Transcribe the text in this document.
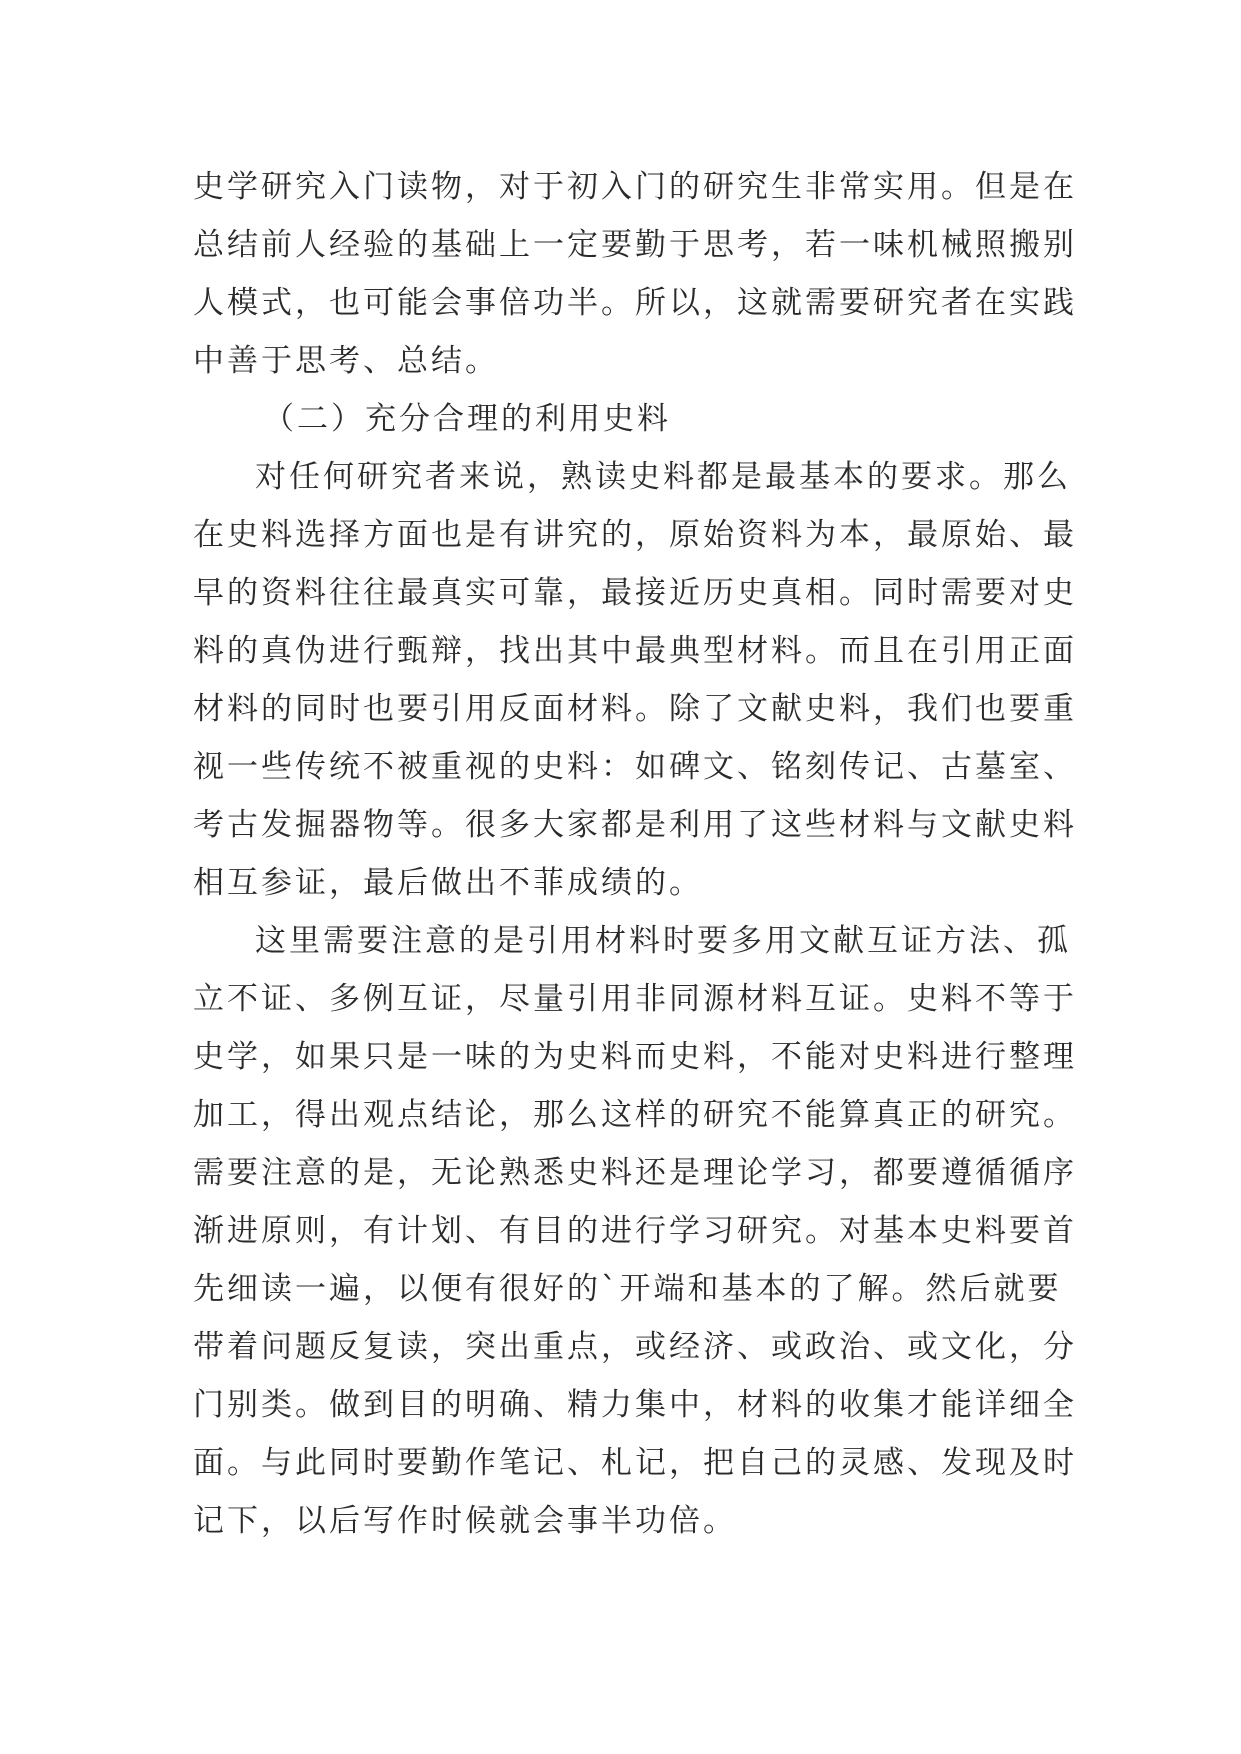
史学研究入门读物，对于初入门的研究生非常实用。但是在
总结前人经验的基础上一定要勤于思考，若一味机械照搬别
人模式，也可能会事倍功半。所以，这就需要研究者在实践
中善于思考、总结。
（二）充分合理的利用史料
对任何研究者来说，熟读史料都是最基本的要求。那么
在史料选择方面也是有讲究的，原始资料为本，最原始、最
早的资料往往最真实可靠，最接近历史真相。同时需要对史
料的真伪进行甄辩，找出其中最典型材料。而且在引用正面
材料的同时也要引用反面材料。除了文献史料，我们也要重
视一些传统不被重视的史料：如碑文、铭刻传记、古墓室、
考古发掘器物等。很多大家都是利用了这些材料与文献史料
相互参证，最后做出不菲成绩的。
这里需要注意的是引用材料时要多用文献互证方法、孤
立不证、多例互证，尽量引用非同源材料互证。史料不等于
史学，如果只是一味的为史料而史料，不能对史料进行整理
加工，得出观点结论，那么这样的研究不能算真正的研究。
需要注意的是，无论熟悉史料还是理论学习，都要遵循循序
渐进原则，有计划、有目的进行学习研究。对基本史料要首
先细读一遍，以便有很好的`开端和基本的了解。然后就要
带着问题反复读，突出重点，或经济、或政治、或文化，分
门别类。做到目的明确、精力集中，材料的收集才能详细全
面。与此同时要勤作笔记、札记，把自己的灵感、发现及时
记下，以后写作时候就会事半功倍。
